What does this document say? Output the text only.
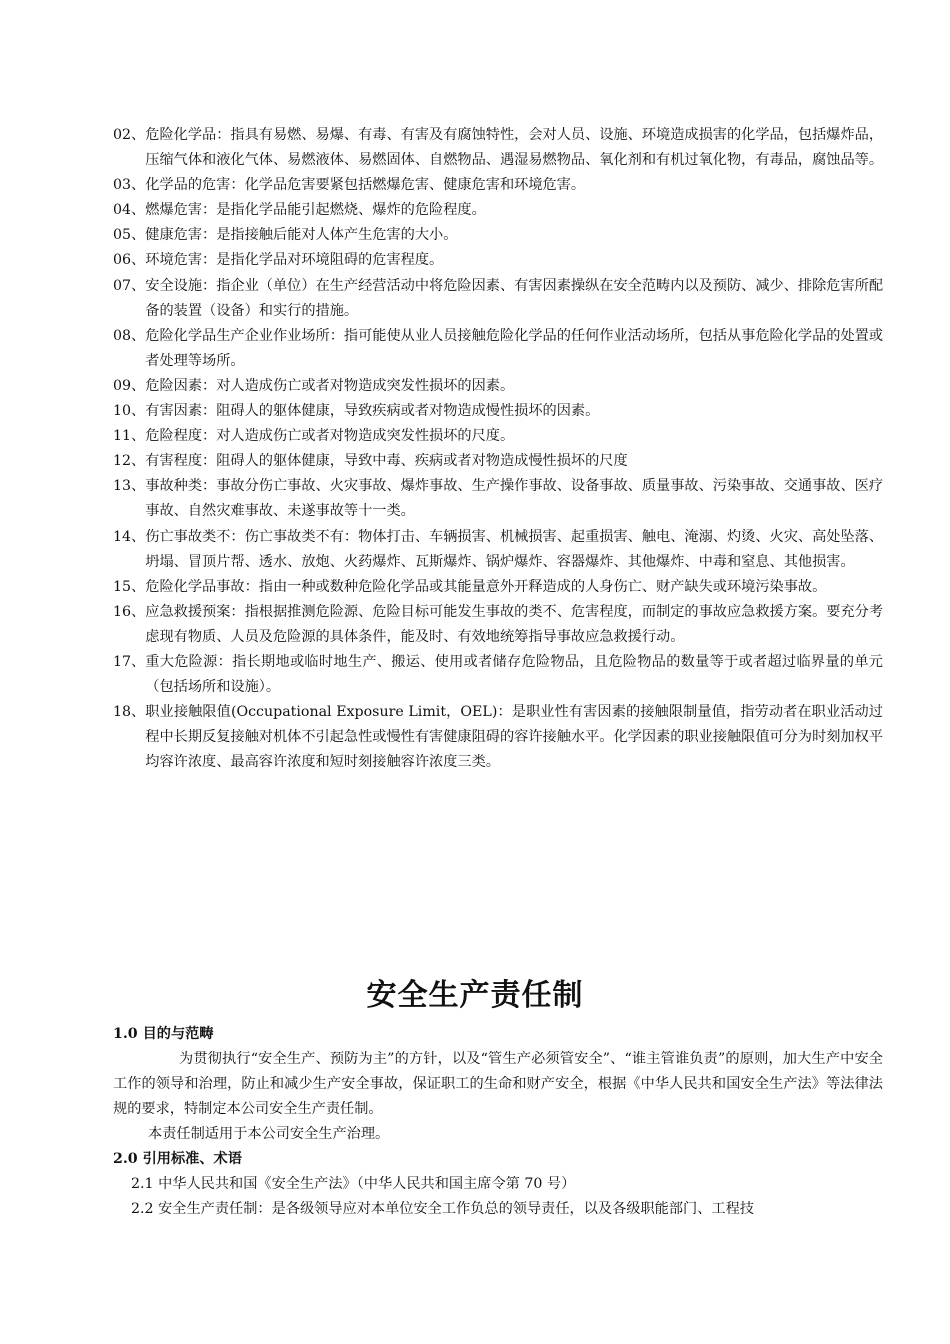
02、 危险化学品：指具有易燃、易爆、有毒、有害及有腐蚀特性，会对人员、设施、环境造成损害的化学品，包括爆炸品，压缩气体和液化气体、易燃液体、易燃固体、自燃物品、遇湿易燃物品、氧化剂和有机过氧化物，有毒品，腐蚀品等。
03、 化学品的危害：化学品危害要紧包括燃爆危害、健康危害和环境危害。
04、 燃爆危害：是指化学品能引起燃烧、爆炸的危险程度。
05、 健康危害：是指接触后能对人体产生危害的大小。
06、 环境危害：是指化学品对环境阻碍的危害程度。
07、 安全设施：指企业（单位）在生产经营活动中将危险因素、有害因素操纵在安全范畴内以及预防、减少、排除危害所配备的装置（设备）和实行的措施。
08、 危险化学品生产企业作业场所：指可能使从业人员接触危险化学品的任何作业活动场所，包括从事危险化学品的处置或者处理等场所。
09、 危险因素：对人造成伤亡或者对物造成突发性损坏的因素。
10、 有害因素：阻碍人的躯体健康，导致疾病或者对物造成慢性损坏的因素。
11、 危险程度：对人造成伤亡或者对物造成突发性损坏的尺度。
12、 有害程度：阻碍人的躯体健康，导致中毒、疾病或者对物造成慢性损坏的尺度
13、 事故种类：事故分伤亡事故、火灾事故、爆炸事故、生产操作事故、设备事故、质量事故、污染事故、交通事故、医疗事故、自然灾难事故、未遂事故等十一类。
14、 伤亡事故类不：伤亡事故类不有：物体打击、车辆损害、机械损害、起重损害、触电、淹溺、灼烫、火灾、高处坠落、坍塌、冒顶片帮、透水、放炮、火药爆炸、瓦斯爆炸、锅炉爆炸、容器爆炸、其他爆炸、中毒和窒息、其他损害。
15、 危险化学品事故：指由一种或数种危险化学品或其能量意外开释造成的人身伤亡、财产缺失或环境污染事故。
16、 应急救援预案：指根据推测危险源、危险目标可能发生事故的类不、危害程度，而制定的事故应急救援方案。要充分考虑现有物质、人员及危险源的具体条件，能及时、有效地统筹指导事故应急救援行动。
17、 重大危险源：指长期地或临时地生产、搬运、使用或者储存危险物品，且危险物品的数量等于或者超过临界量的单元（包括场所和设施）。
18、 职业接触限值(Occupational Exposure Limit，OEL)：是职业性有害因素的接触限制量值，指劳动者在职业活动过程中长期反复接触对机体不引起急性或慢性有害健康阻碍的容许接触水平。化学因素的职业接触限值可分为时刻加权平均容许浓度、最高容许浓度和短时刻接触容许浓度三类。
安全生产责任制

1.0 目的与范畴

为贯彻执行“安全生产、预防为主”的方针，以及“管生产必须管安全”、“谁主管谁负责”的原则，加大生产中安全工作的领导和治理，防止和减少生产安全事故，保证职工的生命和财产安全，根据《中华人民共和国安全生产法》等法律法规的要求，特制定本公司安全生产责任制。

本责任制适用于本公司安全生产治理。

2.0 引用标准、术语

2.1 中华人民共和国《安全生产法》（中华人民共和国主席令第 70 号）

2.2 安全生产责任制：是各级领导应对本单位安全工作负总的领导责任，以及各级职能部门、工程技
